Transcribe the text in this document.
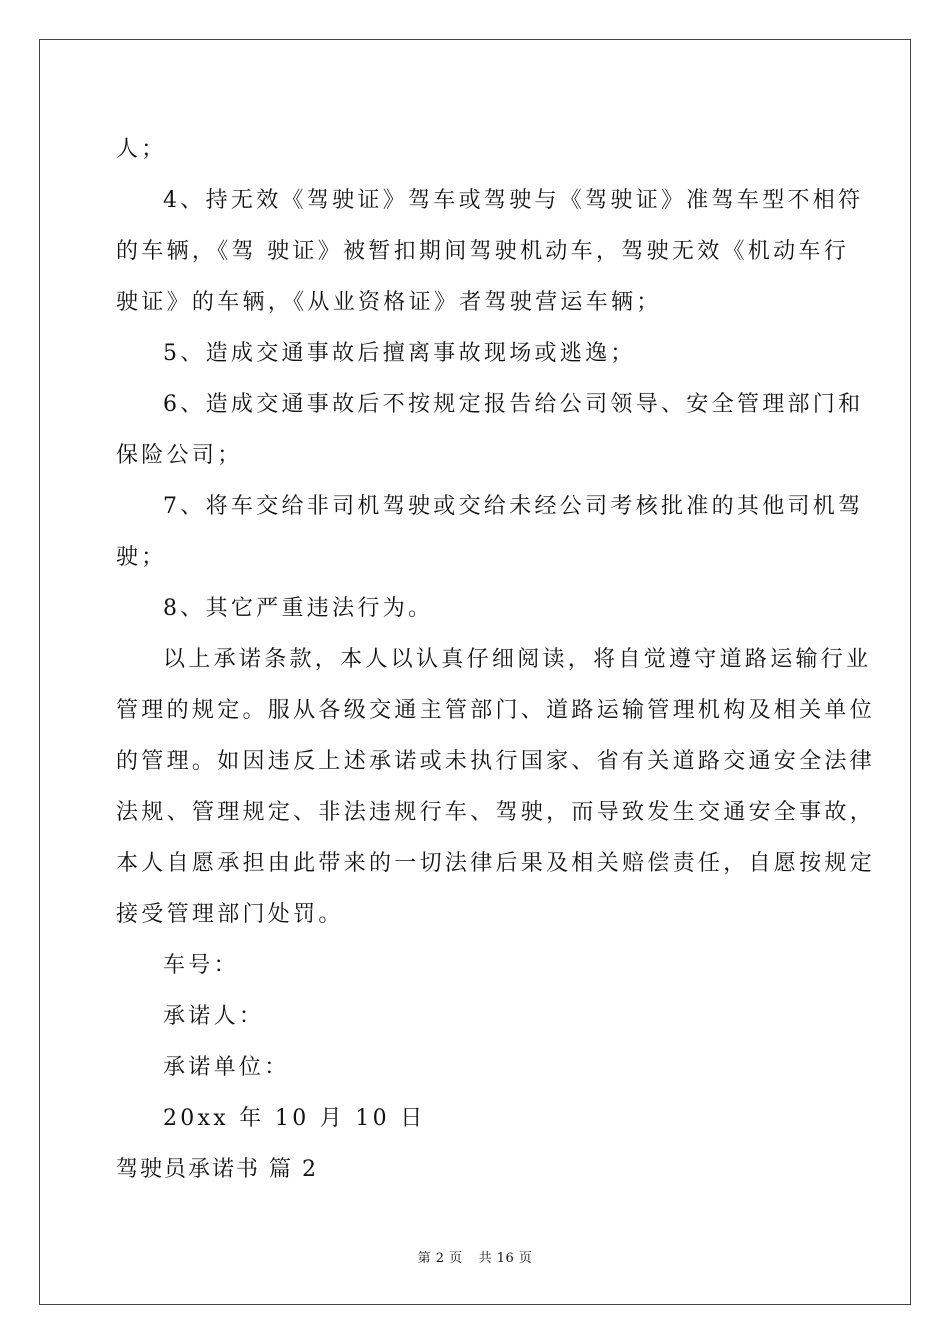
人；
4、持无效《驾驶证》驾车或驾驶与《驾驶证》准驾车型不相符
的车辆，《驾 驶证》被暂扣期间驾驶机动车，驾驶无效《机动车行
驶证》的车辆，《从业资格证》者驾驶营运车辆；
5、造成交通事故后擅离事故现场或逃逸；
6、造成交通事故后不按规定报告给公司领导、安全管理部门和
保险公司；
7、将车交给非司机驾驶或交给未经公司考核批准的其他司机驾
驶；
8、其它严重违法行为。
以上承诺条款，本人以认真仔细阅读，将自觉遵守道路运输行业
管理的规定。服从各级交通主管部门、道路运输管理机构及相关单位
的管理。如因违反上述承诺或未执行国家、省有关道路交通安全法律
法规、管理规定、非法违规行车、驾驶，而导致发生交通安全事故，
本人自愿承担由此带来的一切法律后果及相关赔偿责任，自愿按规定
接受管理部门处罚。
车号：
承诺人：
承诺单位：
20xx 年 10 月 10 日
驾驶员承诺书 篇 2
第 2 页 共 16 页
